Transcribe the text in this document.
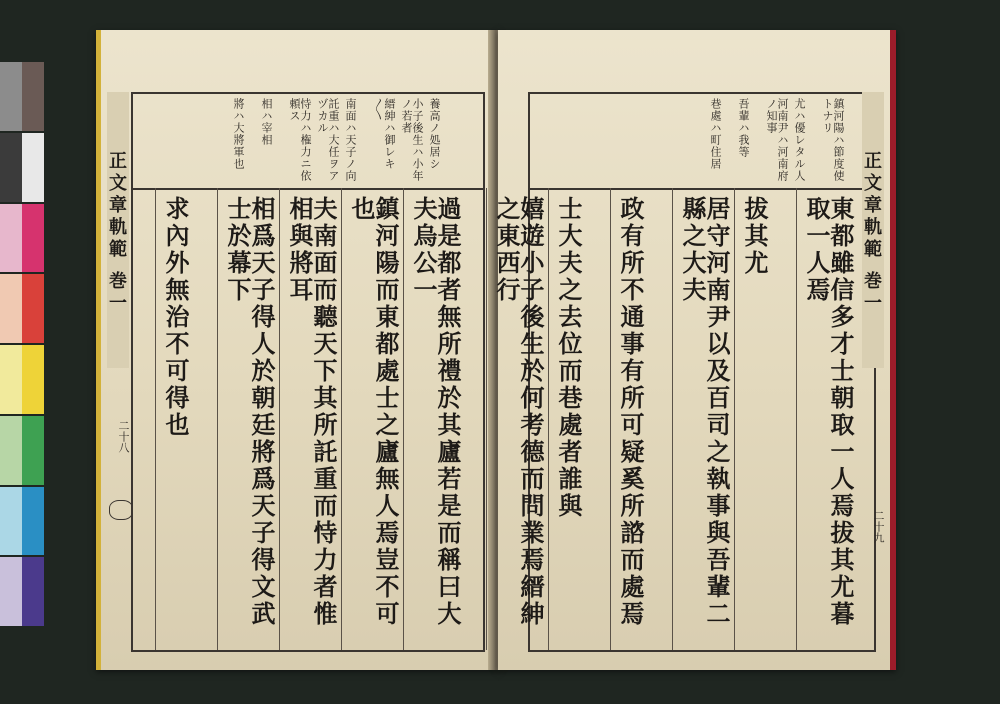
正文章軌範 巻一
二十八
養高ノ処居シ
小子後生ハ小年ノ若者
縉紳ハ御レキ〳〵
南面ハ天子ノ向
託重ハ大任ヲアヅカル
恃力ハ権力ニ依頼ス
相ハ宰相
將ハ大將軍也
過是都者無所禮於其廬若是而稱曰大夫烏公一
鎮河陽而東都處士之廬無人焉豈不可也
夫南面而聽天下其所託重而恃力者惟相與將耳
相爲天子得人於朝廷將爲天子得文武士於幕下
求內外無治不可得也	正文章軌範 巻一
二十九
鎮河陽ハ節度使トナリ
尤ハ優レタル人
河南尹ハ河南府ノ知事
吾輩ハ我等
巷處ハ町住居
東都雖信多才士朝取一人焉拔其尤暮取一人焉
拔其尤
居守河南尹以及百司之執事與吾輩二縣之大夫
政有所不通事有所可疑奚所諮而處焉
士大夫之去位而巷處者誰與
嬉遊小子後生於何考德而問業焉縉紳之東西行
